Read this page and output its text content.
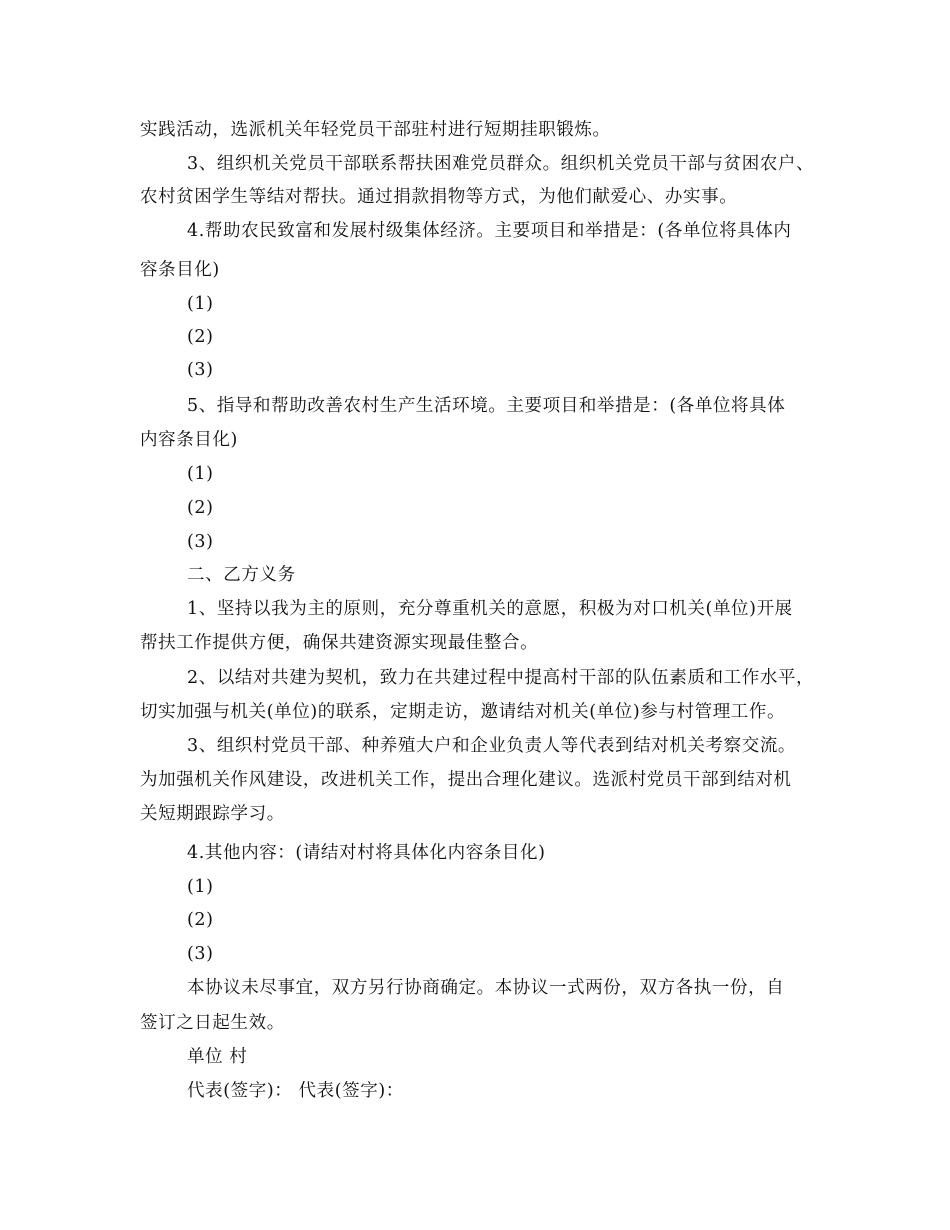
实践活动，选派机关年轻党员干部驻村进行短期挂职锻炼。
3、组织机关党员干部联系帮扶困难党员群众。组织机关党员干部与贫困农户、
农村贫困学生等结对帮扶。通过捐款捐物等方式，为他们献爱心、办实事。
4.帮助农民致富和发展村级集体经济。主要项目和举措是：(各单位将具体内
容条目化)
(1)
(2)
(3)
5、指导和帮助改善农村生产生活环境。主要项目和举措是：(各单位将具体
内容条目化)
(1)
(2)
(3)
二、乙方义务
1、坚持以我为主的原则，充分尊重机关的意愿，积极为对口机关(单位)开展
帮扶工作提供方便，确保共建资源实现最佳整合。
2、以结对共建为契机，致力在共建过程中提高村干部的队伍素质和工作水平，
切实加强与机关(单位)的联系，定期走访，邀请结对机关(单位)参与村管理工作。
3、组织村党员干部、种养殖大户和企业负责人等代表到结对机关考察交流。
为加强机关作风建设，改进机关工作，提出合理化建议。选派村党员干部到结对机
关短期跟踪学习。
4.其他内容：(请结对村将具体化内容条目化)
(1)
(2)
(3)
本协议未尽事宜，双方另行协商确定。本协议一式两份，双方各执一份，自
签订之日起生效。
单位 村
代表(签字)： 代表(签字)：
